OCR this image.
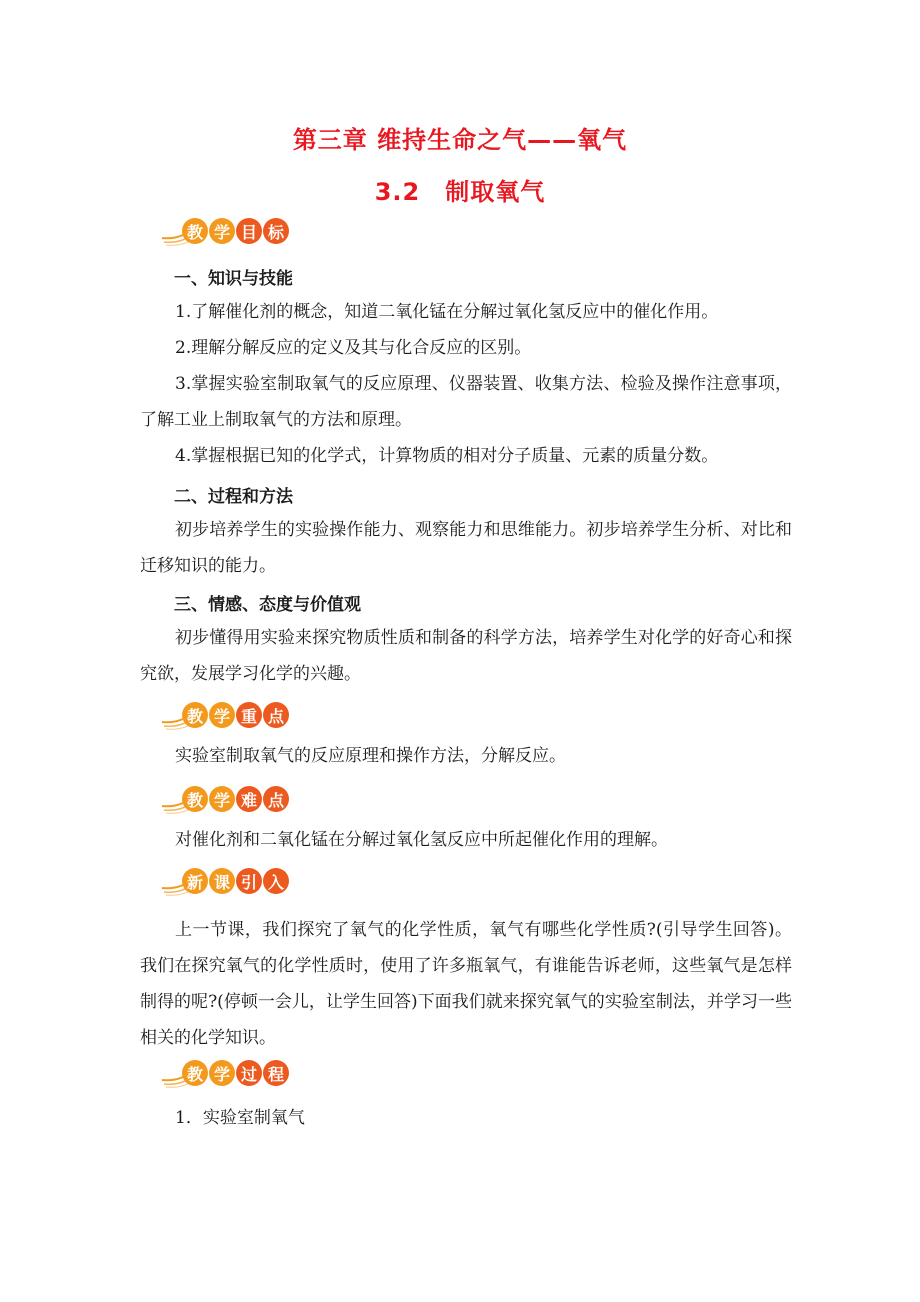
第三章 维持生命之气——氧气
3.2　制取氧气
教 学 目 标
一、知识与技能

1.了解催化剂的概念，知道二氧化锰在分解过氧化氢反应中的催化作用。

2.理解分解反应的定义及其与化合反应的区别。

3.掌握实验室制取氧气的反应原理、仪器装置、收集方法、检验及操作注意事项，了解工业上制取氧气的方法和原理。

4.掌握根据已知的化学式，计算物质的相对分子质量、元素的质量分数。

二、过程和方法

初步培养学生的实验操作能力、观察能力和思维能力。初步培养学生分析、对比和迁移知识的能力。

三、情感、态度与价值观

初步懂得用实验来探究物质性质和制备的科学方法，培养学生对化学的好奇心和探究欲，发展学习化学的兴趣。

教 学 重 点

实验室制取氧气的反应原理和操作方法，分解反应。

教 学 难 点

对催化剂和二氧化锰在分解过氧化氢反应中所起催化作用的理解。

新 课 引 入

上一节课，我们探究了氧气的化学性质，氧气有哪些化学性质?(引导学生回答)。我们在探究氧气的化学性质时，使用了许多瓶氧气，有谁能告诉老师，这些氧气是怎样制得的呢?(停顿一会儿，让学生回答)下面我们就来探究氧气的实验室制法，并学习一些相关的化学知识。

教 学 过 程

1．实验室制氧气
